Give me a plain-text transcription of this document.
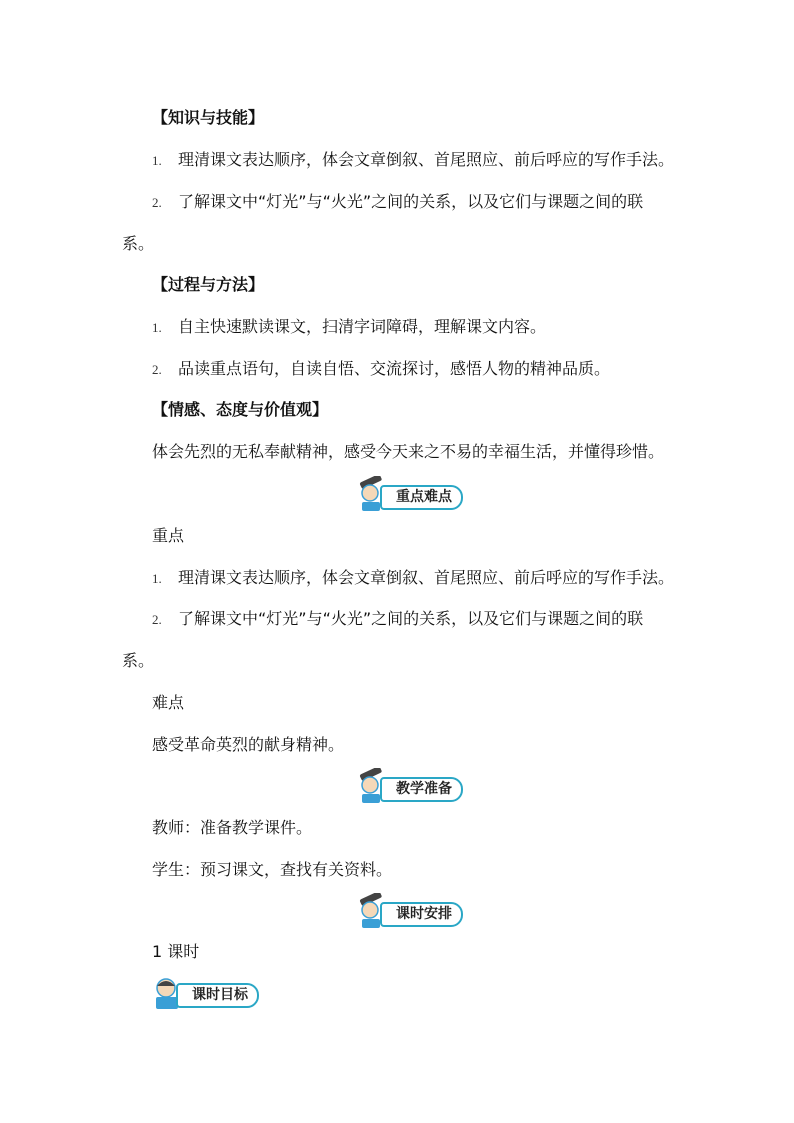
【知识与技能】
1. 理清课文表达顺序，体会文章倒叙、首尾照应、前后呼应的写作手法。
2. 了解课文中“灯光”与“火光”之间的关系，以及它们与课题之间的联
系。
【过程与方法】
1. 自主快速默读课文，扫清字词障碍，理解课文内容。
2. 品读重点语句，自读自悟、交流探讨，感悟人物的精神品质。
【情感、态度与价值观】
体会先烈的无私奉献精神，感受今天来之不易的幸福生活，并懂得珍惜。
重点难点
重点
1. 理清课文表达顺序，体会文章倒叙、首尾照应、前后呼应的写作手法。
2. 了解课文中“灯光”与“火光”之间的关系，以及它们与课题之间的联
系。
难点
感受革命英烈的献身精神。
教学准备
教师：准备教学课件。
学生：预习课文，查找有关资料。
课时安排
1 课时
课时目标
